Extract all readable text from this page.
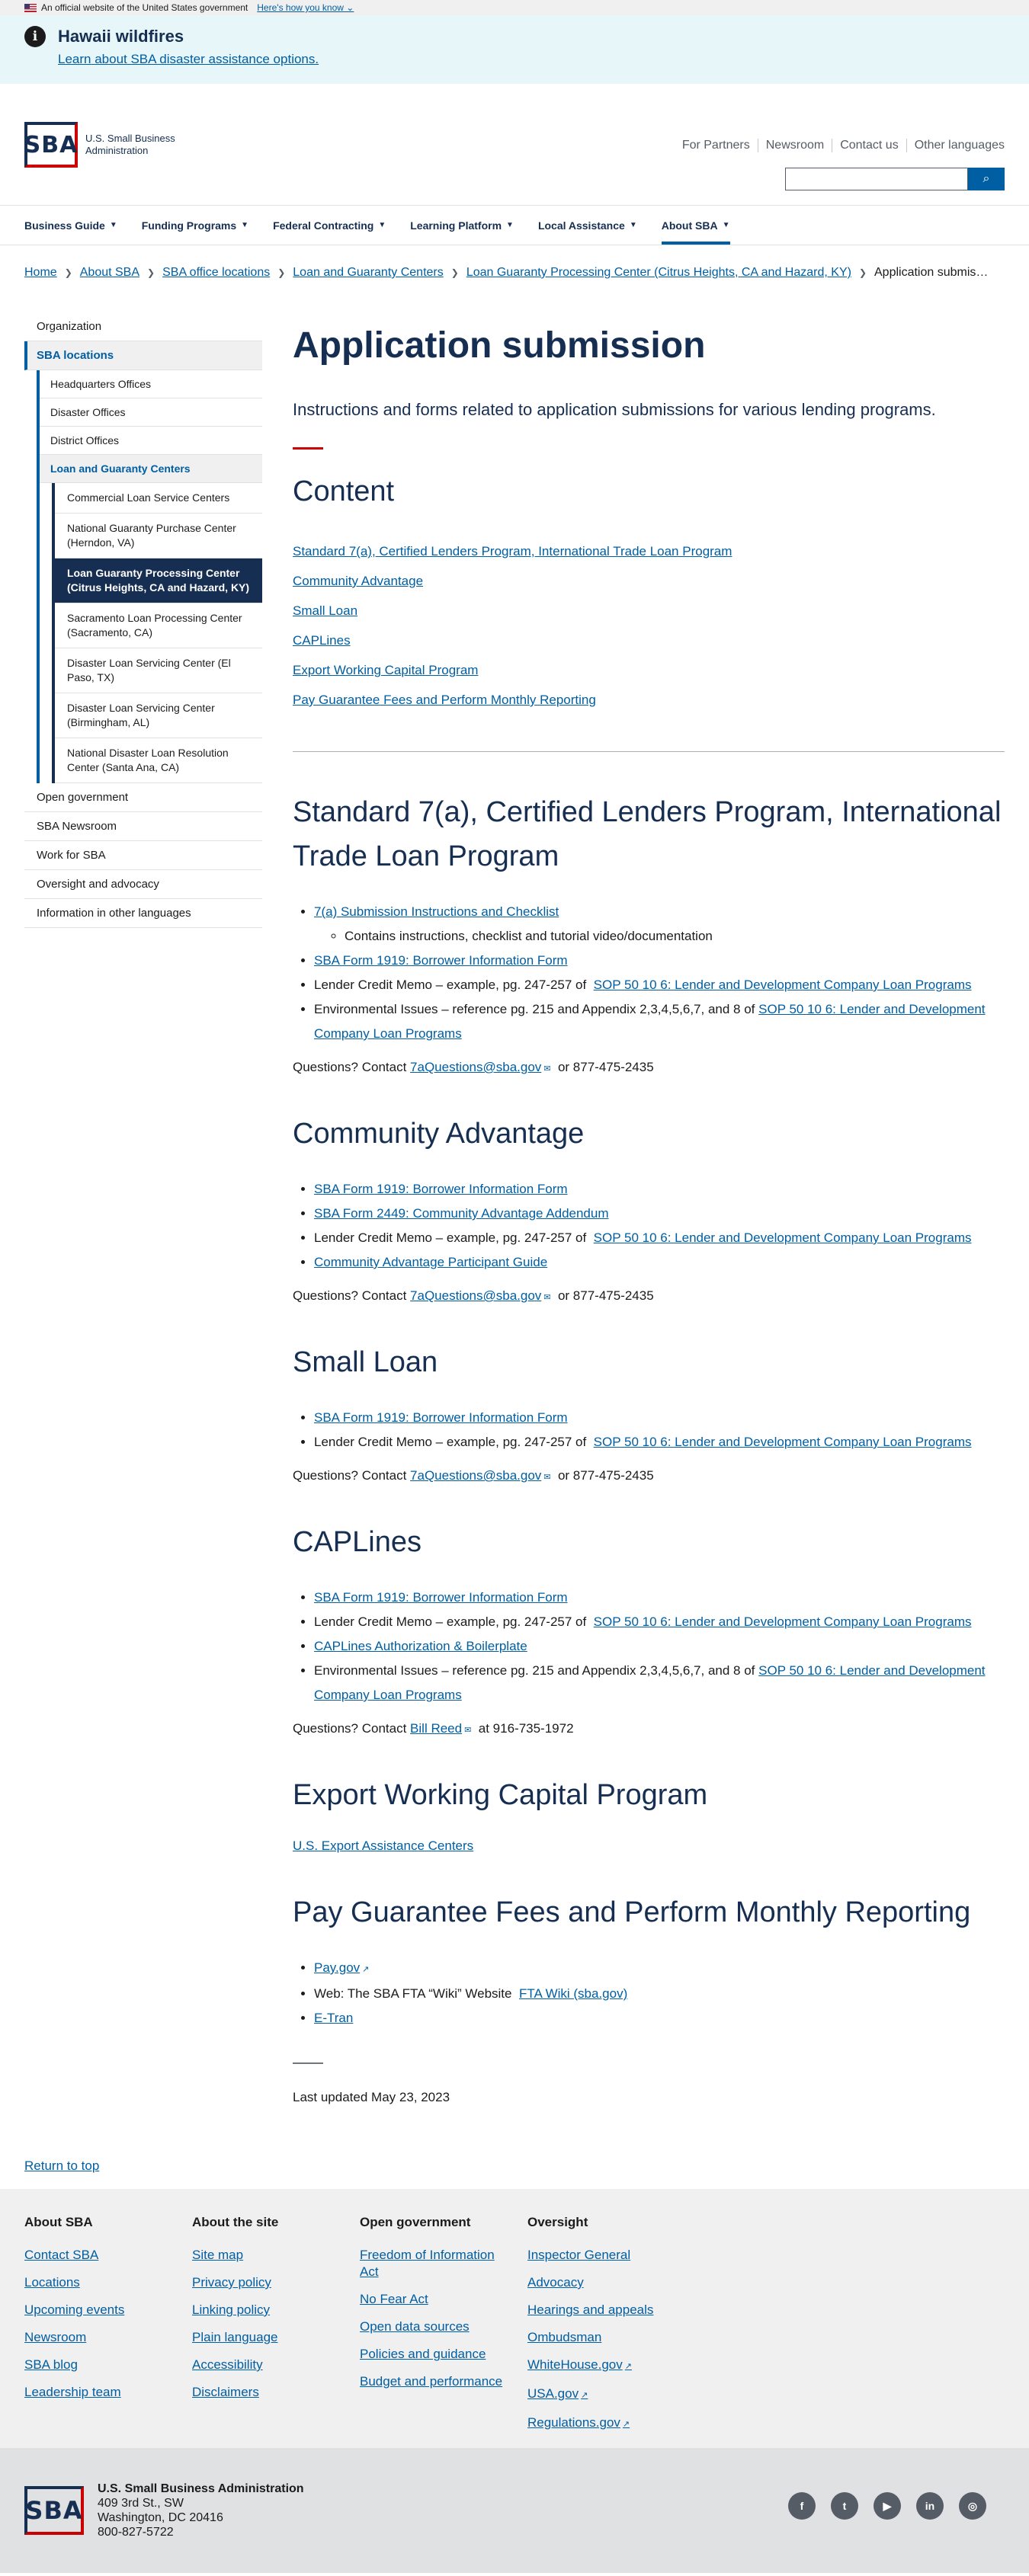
An official website of the United States government Here's how you know ⌄
i	Hawaii wildfires
Learn about SBA disaster assistance options.
SBA U.S. Small Business Administration	For Partners	Newsroom	Contact us	Other languages
⌕
Business Guide ▼ Funding Programs ▼ Federal Contracting ▼ Learning Platform ▼ Local Assistance ▼ About SBA ▼
Home ❯ About SBA ❯ SBA office locations ❯ Loan and Guaranty Centers ❯ Loan Guaranty Processing Center (Citrus Heights, CA and Hazard, KY) ❯ Application submis…
Organization
SBA locations
Headquarters Offices
Disaster Offices
District Offices
Loan and Guaranty Centers
Commercial Loan Service Centers
National Guaranty Purchase Center (Herndon, VA)
Loan Guaranty Processing Center (Citrus Heights, CA and Hazard, KY)
Sacramento Loan Processing Center (Sacramento, CA)
Disaster Loan Servicing Center (El Paso, TX)
Disaster Loan Servicing Center (Birmingham, AL)
National Disaster Loan Resolution Center (Santa Ana, CA)
Open government
SBA Newsroom
Work for SBA
Oversight and advocacy
Information in other languages
Application submission

Instructions and forms related to application submissions for various lending programs.

Content
Standard 7(a), Certified Lenders Program, International Trade Loan Program
Community Advantage
Small Loan
CAPLines
Export Working Capital Program
Pay Guarantee Fees and Perform Monthly Reporting
Standard 7(a), Certified Lenders Program, International Trade Loan Program
• 7(a) Submission Instructions and Checklist
◦ Contains instructions, checklist and tutorial video/documentation
• SBA Form 1919: Borrower Information Form
• Lender Credit Memo – example, pg. 247-257 of SOP 50 10 6: Lender and Development Company Loan Programs
• Environmental Issues – reference pg. 215 and Appendix 2,3,4,5,6,7, and 8 of SOP 50 10 6: Lender and Development Company Loan Programs

Questions? Contact 7aQuestions@sba.gov ✉ or 877-475-2435

Community Advantage
• SBA Form 1919: Borrower Information Form
• SBA Form 2449: Community Advantage Addendum
• Lender Credit Memo – example, pg. 247-257 of SOP 50 10 6: Lender and Development Company Loan Programs
• Community Advantage Participant Guide

Questions? Contact 7aQuestions@sba.gov ✉ or 877-475-2435

Small Loan
• SBA Form 1919: Borrower Information Form
• Lender Credit Memo – example, pg. 247-257 of SOP 50 10 6: Lender and Development Company Loan Programs

Questions? Contact 7aQuestions@sba.gov ✉ or 877-475-2435

CAPLines
• SBA Form 1919: Borrower Information Form
• Lender Credit Memo – example, pg. 247-257 of SOP 50 10 6: Lender and Development Company Loan Programs
• CAPLines Authorization & Boilerplate
• Environmental Issues – reference pg. 215 and Appendix 2,3,4,5,6,7, and 8 of SOP 50 10 6: Lender and Development Company Loan Programs

Questions? Contact Bill Reed ✉ at 916-735-1972

Export Working Capital Program

U.S. Export Assistance Centers

Pay Guarantee Fees and Perform Monthly Reporting
• Pay.gov ↗
• Web: The SBA FTA “Wiki” Website FTA Wiki (sba.gov)
• E-Tran

Last updated May 23, 2023

Return to top
About SBA
Contact SBA
Locations
Upcoming events
Newsroom
SBA blog
Leadership team
About the site
Site map
Privacy policy
Linking policy
Plain language
Accessibility
Disclaimers
Open government
Freedom of Information Act
No Fear Act
Open data sources
Policies and guidance
Budget and performance
Oversight
Inspector General
Advocacy
Hearings and appeals
Ombudsman
WhiteHouse.gov ↗
USA.gov ↗
Regulations.gov ↗
SBA
U.S. Small Business Administration
409 3rd St., SW
Washington, DC 20416
800-827-5722
f	t	▶	in	◎
